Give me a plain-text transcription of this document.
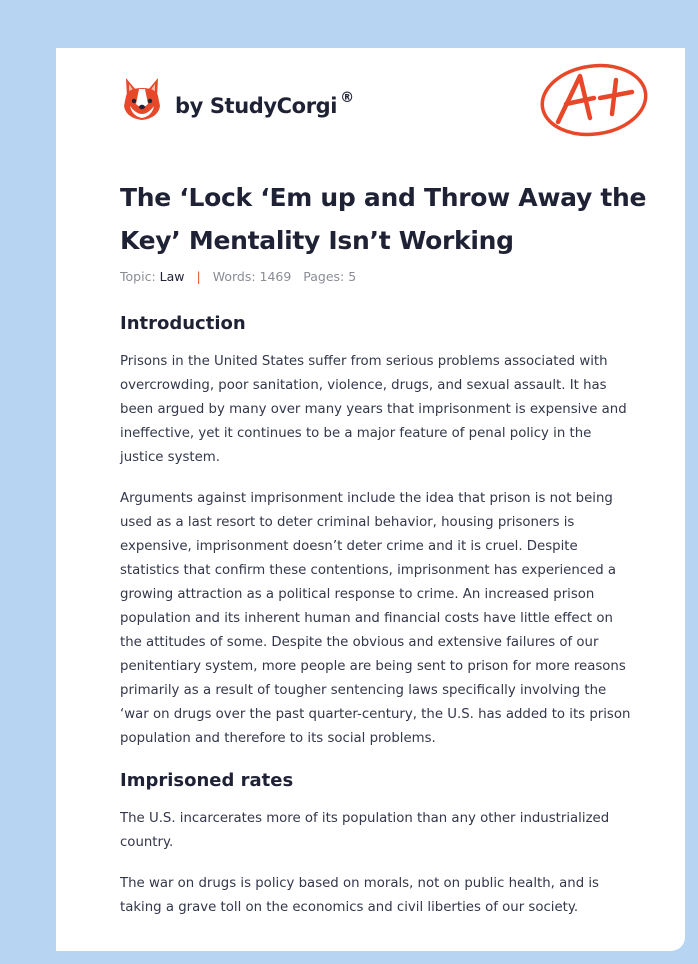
by StudyCorgi ®
A+
The ‘Lock ‘Em up and Throw Away the Key’ Mentality Isn’t Working
Topic: Law | Words: 1469 Pages: 5
Introduction

Prisons in the United States suffer from serious problems associated with overcrowding, poor sanitation, violence, drugs, and sexual assault. It has been argued by many over many years that imprisonment is expensive and ineffective, yet it continues to be a major feature of penal policy in the justice system.

Arguments against imprisonment include the idea that prison is not being used as a last resort to deter criminal behavior, housing prisoners is expensive, imprisonment doesn’t deter crime and it is cruel. Despite statistics that confirm these contentions, imprisonment has experienced a growing attraction as a political response to crime. An increased prison population and its inherent human and financial costs have little effect on the attitudes of some. Despite the obvious and extensive failures of our penitentiary system, more people are being sent to prison for more reasons primarily as a result of tougher sentencing laws specifically involving the ‘war on drugs over the past quarter-century, the U.S. has added to its prison population and therefore to its social problems.

Imprisoned rates

The U.S. incarcerates more of its population than any other industrialized country.

The war on drugs is policy based on morals, not on public health, and is taking a grave toll on the economics and civil liberties of our society.
